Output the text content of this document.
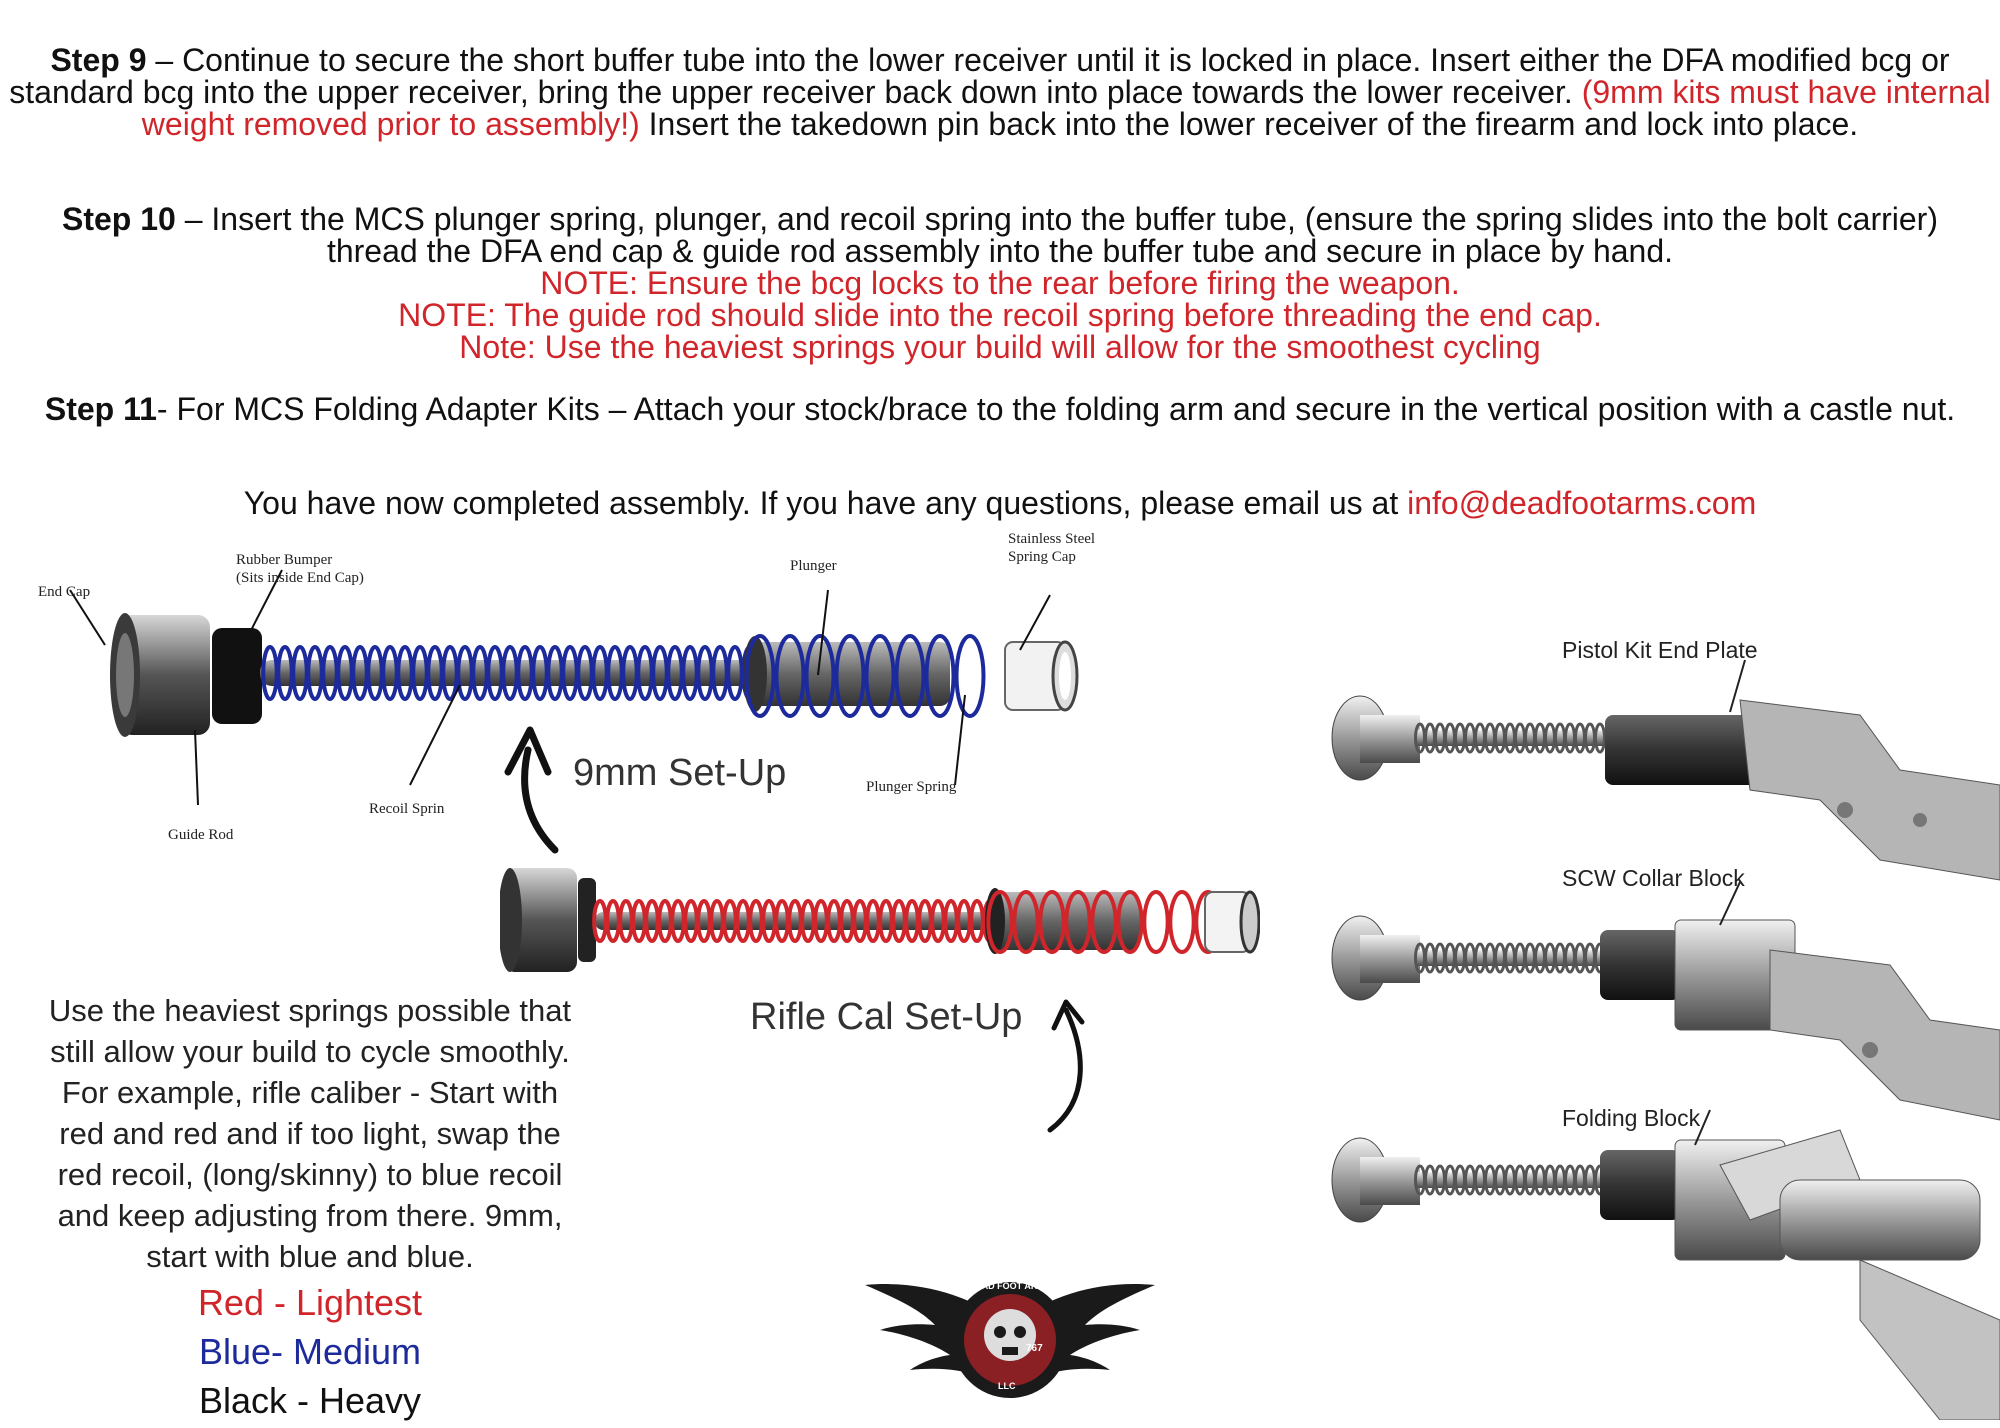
Step 9 – Continue to secure the short buffer tube into the lower receiver until it is locked in place. Insert either the DFA modified bcg or standard bcg into the upper receiver, bring the upper receiver back down into place towards the lower receiver. (9mm kits must have internal weight removed prior to assembly!) Insert the takedown pin back into the lower receiver of the firearm and lock into place.
Step 10 – Insert the MCS plunger spring, plunger, and recoil spring into the buffer tube, (ensure the spring slides into the bolt carrier) thread the DFA end cap & guide rod assembly into the buffer tube and secure in place by hand.
NOTE: Ensure the bcg locks to the rear before firing the weapon.
NOTE: The guide rod should slide into the recoil spring before threading the end cap.
Note: Use the heaviest springs your build will allow for the smoothest cycling
Step 11- For MCS Folding Adapter Kits – Attach your stock/brace to the folding arm and secure in the vertical position with a castle nut.
You have now completed assembly. If you have any questions, please email us at info@deadfootarms.com
End Cap
Rubber Bumper
(Sits inside End Cap)
Plunger
Stainless Steel
Spring Cap
Plunger Spring
Recoil Sprin
Guide Rod
9mm Set-Up
Rifle Cal Set-Up
Use the heaviest springs possible that
still allow your build to cycle smoothly.
For example, rifle caliber - Start with
red and red and if too light, swap the
red recoil, (long/skinny) to blue recoil
and keep adjusting from there. 9mm,
start with blue and blue.
Red - Lightest
Blue- Medium
Black - Heavy
DEAD FOOT ARMS
767
LLC
Pistol Kit End Plate
SCW Collar Block
Folding Block
